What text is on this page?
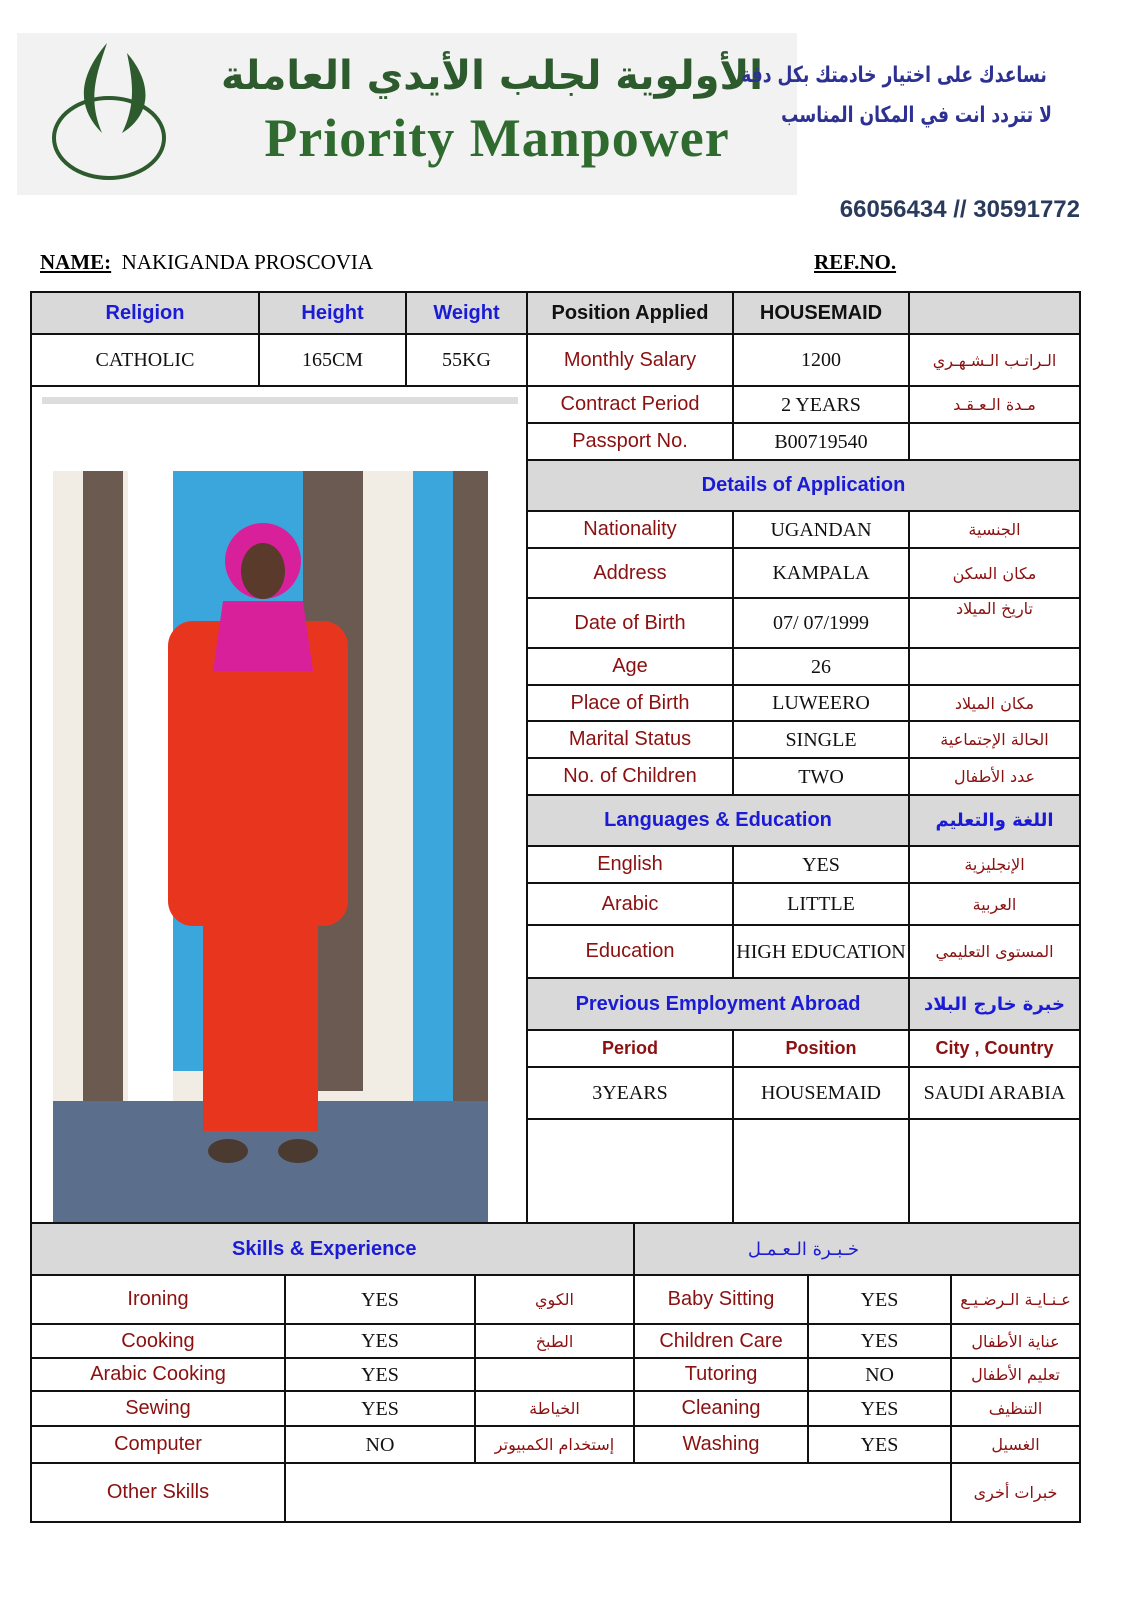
الأولوية لجلب الأيدي العاملة
Priority Manpower
نساعدك على اختيار خادمتك بكل دقة
لا تتردد انت في المكان المناسب
66056434 // 30591772
NAME: NAKIGANDA PROSCOVIA	REF.NO.
Religion	Height	Weight	Position Applied	HOUSEMAID	
CATHOLIC	165CM	55KG	Monthly Salary	1200	الـراتـب الـشـهـري

	Contract Period	2 YEARS	مـدة الـعـقـد
			Passport No.	B00719540	
			Details of Application		
			Nationality	UGANDAN	الجنسية
			Address	KAMPALA	مكان السكن
			Date of Birth	07/ 07/1999	تاريخ الميلاد
			Age	26	
			Place of Birth	LUWEERO	مكان الميلاد
			Marital Status	SINGLE	الحالة الإجتماعية
			No. of Children	TWO	عدد الأطفال
			Languages & Education		اللغة والتعليم
			English	YES	الإنجليزية
			Arabic	LITTLE	العربية
			Education	HIGH EDUCATION	المستوى التعليمي
			Previous Employment Abroad		خبرة خارج البلاد
			Period	Position	City , Country
			3YEARS	HOUSEMAID	SAUDI ARABIA

Skills & Experience			خـبـرة الـعـمـل		
Ironing	YES	الكوي	Baby Sitting	YES	عـنـايـة الـرضـيـع
Cooking	YES	الطبخ	Children Care	YES	عناية الأطفال
Arabic Cooking	YES		Tutoring	NO	تعليم الأطفال
Sewing	YES	الخياطة	Cleaning	YES	التنظيف
Computer	NO	إستخدام الكمبيوتر	Washing	YES	الغسيل
Other Skills					خبرات أخرى
